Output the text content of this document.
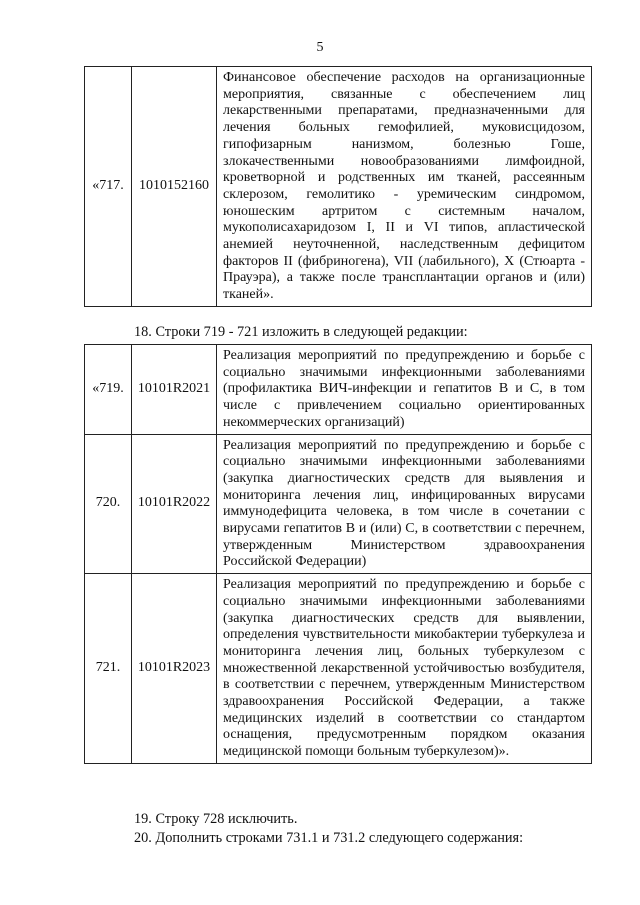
5
«717.	1010152160	Финансовое обеспечение расходов на организационные мероприятия, связанные с обеспечением лиц лекарственными препаратами, предназначенными для лечения больных гемофилией, муковисцидозом, гипофизарным нанизмом, болезнью Гоше, злокачественными новообразованиями лимфоидной, кроветворной и родственных им тканей, рассеянным склерозом, гемолитико - уремическим синдромом, юношеским артритом с системным началом, мукополисахаридозом I, II и VI типов, апластической анемией неуточненной, наследственным дефицитом факторов II (фибриногена), VII (лабильного), X (Стюарта - Прауэра), а также после трансплантации органов и (или) тканей».
18. Строки 719 - 721 изложить в следующей редакции:
«719.	10101R2021	Реализация мероприятий по предупреждению и борьбе с социально значимыми инфекционными заболеваниями (профилактика ВИЧ-инфекции и гепатитов B и C, в том числе с привлечением социально ориентированных некоммерческих организаций)
720.	10101R2022	Реализация мероприятий по предупреждению и борьбе с социально значимыми инфекционными заболеваниями (закупка диагностических средств для выявления и мониторинга лечения лиц, инфицированных вирусами иммунодефицита человека, в том числе в сочетании с вирусами гепатитов B и (или) C, в соответствии с перечнем, утвержденным Министерством здравоохранения Российской Федерации)
721.	10101R2023	Реализация мероприятий по предупреждению и борьбе с социально значимыми инфекционными заболеваниями (закупка диагностических средств для выявлении, определения чувствительности микобактерии туберкулеза и мониторинга лечения лиц, больных туберкулезом с множественной лекарственной устойчивостью возбудителя, в соответствии с перечнем, утвержденным Министерством здравоохранения Российской Федерации, а также медицинских изделий в соответствии со стандартом оснащения, предусмотренным порядком оказания медицинской помощи больным туберкулезом)».
19. Строку 728 исключить.
20. Дополнить строками 731.1 и 731.2 следующего содержания:
